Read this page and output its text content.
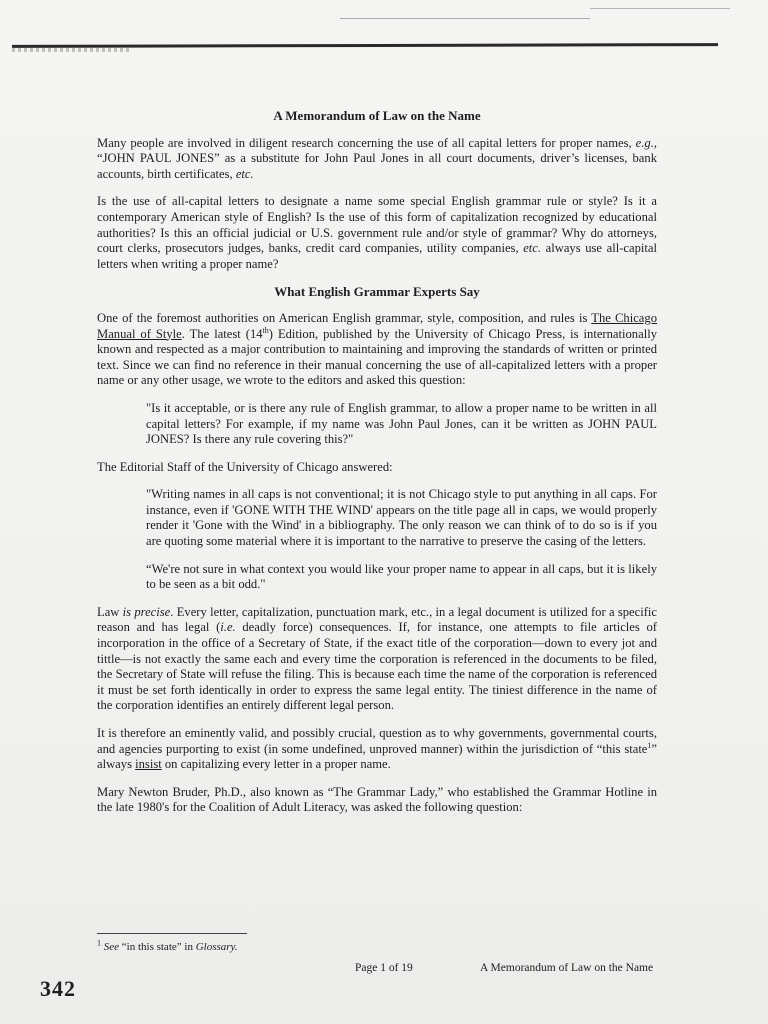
A Memorandum of Law on the Name

Many people are involved in diligent research concerning the use of all capital letters for proper names, e.g., “JOHN PAUL JONES” as a substitute for John Paul Jones in all court documents, driver’s licenses, bank accounts, birth certificates, etc.

Is the use of all-capital letters to designate a name some special English grammar rule or style? Is it a contemporary American style of English? Is the use of this form of capitalization recognized by educational authorities? Is this an official judicial or U.S. government rule and/or style of grammar? Why do attorneys, court clerks, prosecutors judges, banks, credit card companies, utility companies, etc. always use all-capital letters when writing a proper name?

What English Grammar Experts Say

One of the foremost authorities on American English grammar, style, composition, and rules is The Chicago Manual of Style. The latest (14th) Edition, published by the University of Chicago Press, is internationally known and respected as a major contribution to maintaining and improving the standards of written or printed text. Since we can find no reference in their manual concerning the use of all-capitalized letters with a proper name or any other usage, we wrote to the editors and asked this question:

"Is it acceptable, or is there any rule of English grammar, to allow a proper name to be written in all capital letters? For example, if my name was John Paul Jones, can it be written as JOHN PAUL JONES? Is there any rule covering this?"

The Editorial Staff of the University of Chicago answered:

"Writing names in all caps is not conventional; it is not Chicago style to put anything in all caps. For instance, even if 'GONE WITH THE WIND' appears on the title page all in caps, we would properly render it 'Gone with the Wind' in a bibliography. The only reason we can think of to do so is if you are quoting some material where it is important to the narrative to preserve the casing of the letters.

“We're not sure in what context you would like your proper name to appear in all caps, but it is likely to be seen as a bit odd."

Law is precise. Every letter, capitalization, punctuation mark, etc., in a legal document is utilized for a specific reason and has legal (i.e. deadly force) consequences. If, for instance, one attempts to file articles of incorporation in the office of a Secretary of State, if the exact title of the corporation—down to every jot and tittle—is not exactly the same each and every time the corporation is referenced in the documents to be filed, the Secretary of State will refuse the filing. This is because each time the name of the corporation is referenced it must be set forth identically in order to express the same legal entity. The tiniest difference in the name of the corporation identifies an entirely different legal person.

It is therefore an eminently valid, and possibly crucial, question as to why governments, governmental courts, and agencies purporting to exist (in some undefined, unproved manner) within the jurisdiction of “this state$^1$” always insist on capitalizing every letter in a proper name.

Mary Newton Bruder, Ph.D., also known as “The Grammar Lady,” who established the Grammar Hotline in the late 1980's for the Coalition of Adult Literacy, was asked the following question:

$^1$ See “in this state” in Glossary.
Page 1 of 19	A Memorandum of Law on the Name
342
